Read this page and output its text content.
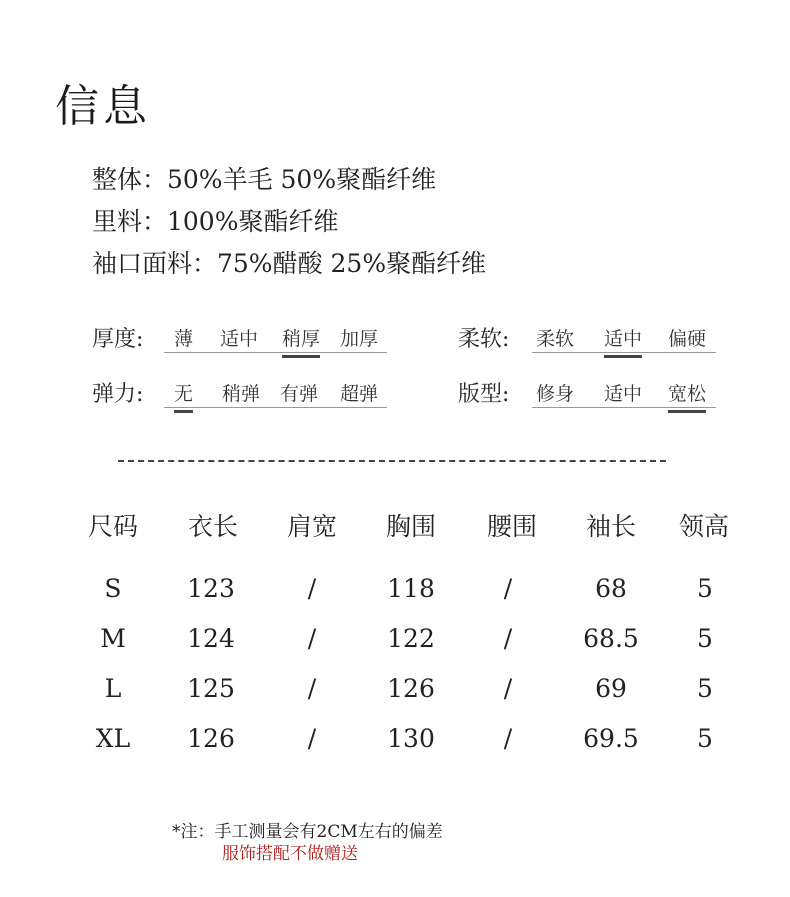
信息
整体：50%羊毛 50%聚酯纤维
里料：100%聚酯纤维
袖口面料：75%醋酸 25%聚酯纤维
厚度: 薄 适中 稍厚 加厚	柔软: 柔软 适中 偏硬
弹力: 无 稍弹 有弹 超弹	版型: 修身 适中 宽松
尺码	衣长	肩宽	胸围	腰围	袖长	领高
S	123	/	118	/	68	5
M	124	/	122	/	68.5	5
L	125	/	126	/	69	5
XL	126	/	130	/	69.5	5
*注：手工测量会有2CM左右的偏差
服饰搭配不做赠送
